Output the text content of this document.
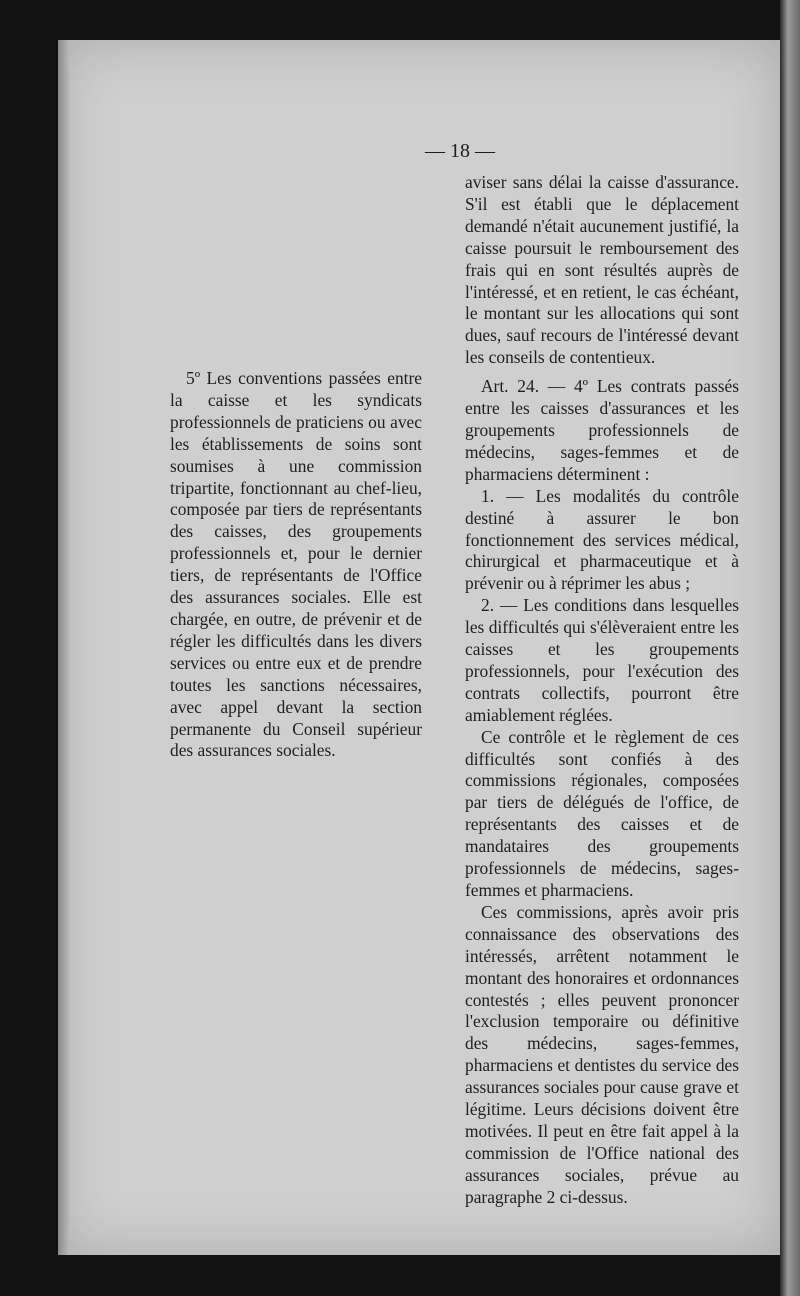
— 18 —

5º Les conventions passées entre la caisse et les syndicats professionnels de praticiens ou avec les établissements de soins sont soumises à une commission tripartite, fonctionnant au chef-lieu, composée par tiers de représentants des caisses, des groupements professionnels et, pour le dernier tiers, de représentants de l'Office des assurances sociales. Elle est chargée, en outre, de prévenir et de régler les difficultés dans les divers services ou entre eux et de prendre toutes les sanctions nécessaires, avec appel devant la section permanente du Conseil supérieur des assurances sociales.

aviser sans délai la caisse d'assurance. S'il est établi que le déplacement demandé n'était aucunement justifié, la caisse poursuit le remboursement des frais qui en sont résultés auprès de l'intéressé, et en retient, le cas échéant, le montant sur les allocations qui sont dues, sauf recours de l'intéressé devant les conseils de contentieux.

Art. 24. — 4º Les contrats passés entre les caisses d'assurances et les groupements professionnels de médecins, sages-femmes et de pharmaciens déterminent :

1. — Les modalités du contrôle destiné à assurer le bon fonctionnement des services médical, chirurgical et pharmaceutique et à prévenir ou à réprimer les abus ;

2. — Les conditions dans lesquelles les difficultés qui s'élèveraient entre les caisses et les groupements professionnels, pour l'exécution des contrats collectifs, pourront être amiablement réglées.

Ce contrôle et le règlement de ces difficultés sont confiés à des commissions régionales, composées par tiers de délégués de l'office, de représentants des caisses et de mandataires des groupements professionnels de médecins, sages-femmes et pharmaciens.

Ces commissions, après avoir pris connaissance des observations des intéressés, arrêtent notamment le montant des honoraires et ordonnances contestés ; elles peuvent prononcer l'exclusion temporaire ou définitive des médecins, sages-femmes, pharmaciens et dentistes du service des assurances sociales pour cause grave et légitime. Leurs décisions doivent être motivées. Il peut en être fait appel à la commission de l'Office national des assurances sociales, prévue au paragraphe 2 ci-dessus.
